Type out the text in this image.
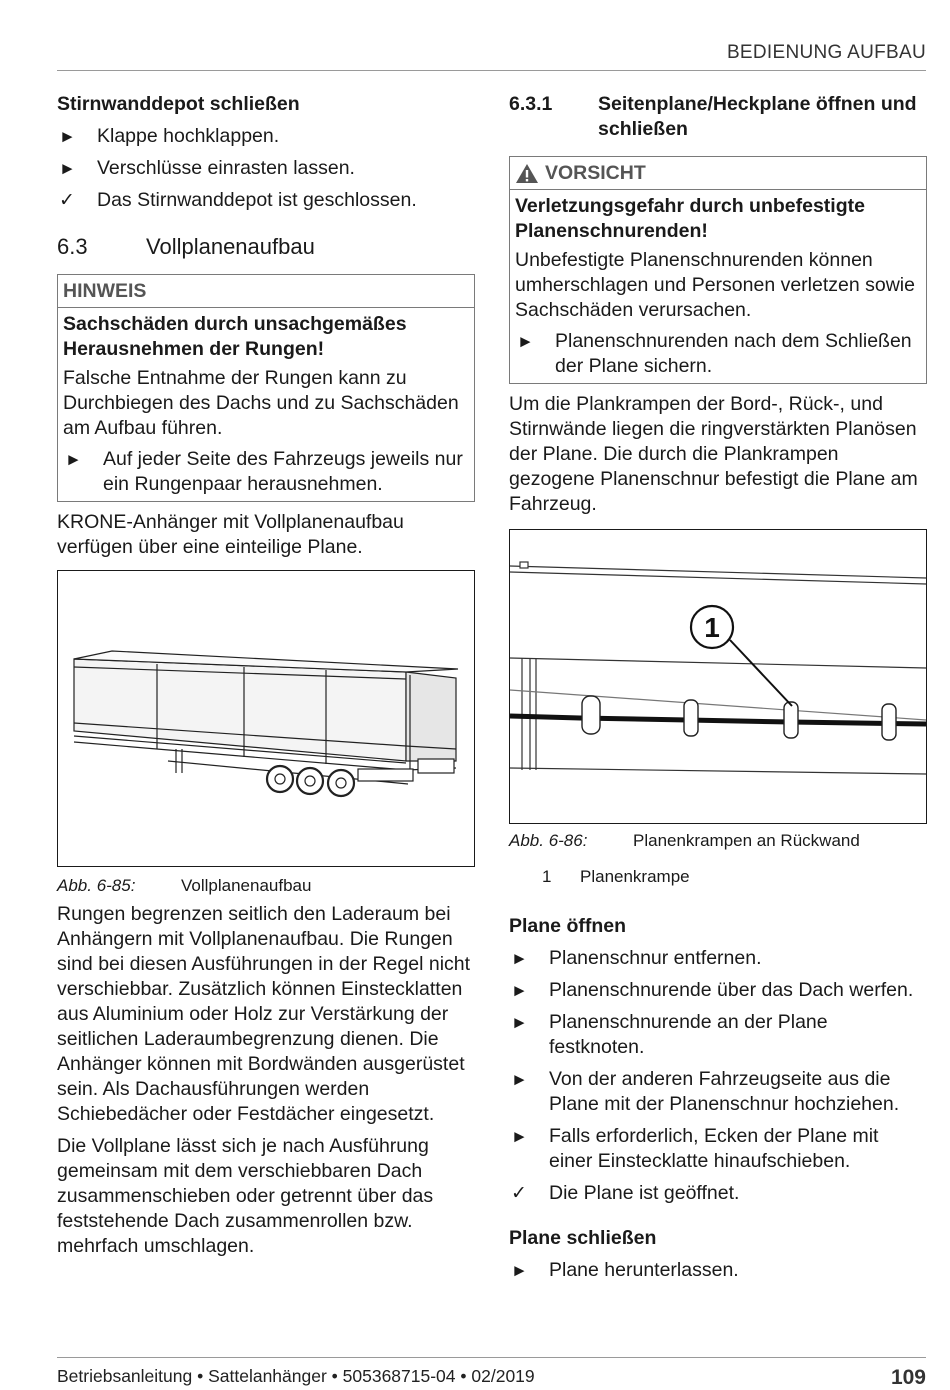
BEDIENUNG AUFBAU
Stirnwanddepot schließen
►	Klappe hochklappen.
►	Verschlüsse einrasten lassen.
✓	Das Stirnwanddepot ist geschlossen.
6.3	Vollplanenaufbau
HINWEIS
Sachschäden durch unsachgemäßes Herausnehmen der Rungen!

Falsche Entnahme der Rungen kann zu Durchbiegen des Dachs und zu Sachschäden am Aufbau führen.

►	Auf jeder Seite des Fahrzeugs jeweils nur ein Rungenpaar herausnehmen.

KRONE-Anhänger mit Vollplanenaufbau verfügen über eine einteilige Plane.

Abb. 6-85:	Vollplanenaufbau

Rungen begrenzen seitlich den Laderaum bei Anhängern mit Vollplanenaufbau. Die Rungen sind bei diesen Ausführungen in der Regel nicht verschiebbar. Zusätzlich können Einstecklatten aus Aluminium oder Holz zur Verstärkung der seitlichen Laderaumbegrenzung dienen. Die Anhänger können mit Bordwänden ausgerüstet sein. Als Dachausführungen werden Schiebedächer oder Festdächer eingesetzt.

Die Vollplane lässt sich je nach Ausführung gemeinsam mit dem verschiebbaren Dach zusammenschieben oder getrennt über das feststehende Dach zusammenrollen bzw. mehrfach umschlagen.

6.3.1	Seitenplane/Heckplane öffnen und schließen
VORSICHT
Verletzungsgefahr durch unbefestigte Planenschnurenden!

Unbefestigte Planenschnurenden können umherschlagen und Personen verletzen sowie Sachschäden verursachen.

►	Planenschnurenden nach dem Schließen der Plane sichern.

Um die Plankrampen der Bord-, Rück-, und Stirnwände liegen die ringverstärkten Planösen der Plane. Die durch die Plankrampen gezogene Planenschnur befestigt die Plane am Fahrzeug.

1
Abb. 6-86:	Planenkrampen an Rückwand
1	Planenkrampe
Plane öffnen
►	Planenschnur entfernen.
►	Planenschnurende über das Dach werfen.
►	Planenschnurende an der Plane festknoten.
►	Von der anderen Fahrzeugseite aus die Plane mit der Planenschnur hochziehen.
►	Falls erforderlich, Ecken der Plane mit einer Einstecklatte hinaufschieben.
✓	Die Plane ist geöffnet.
Plane schließen
►	Plane herunterlassen.
Betriebsanleitung • Sattelanhänger • 505368715-04 • 02/2019	109
